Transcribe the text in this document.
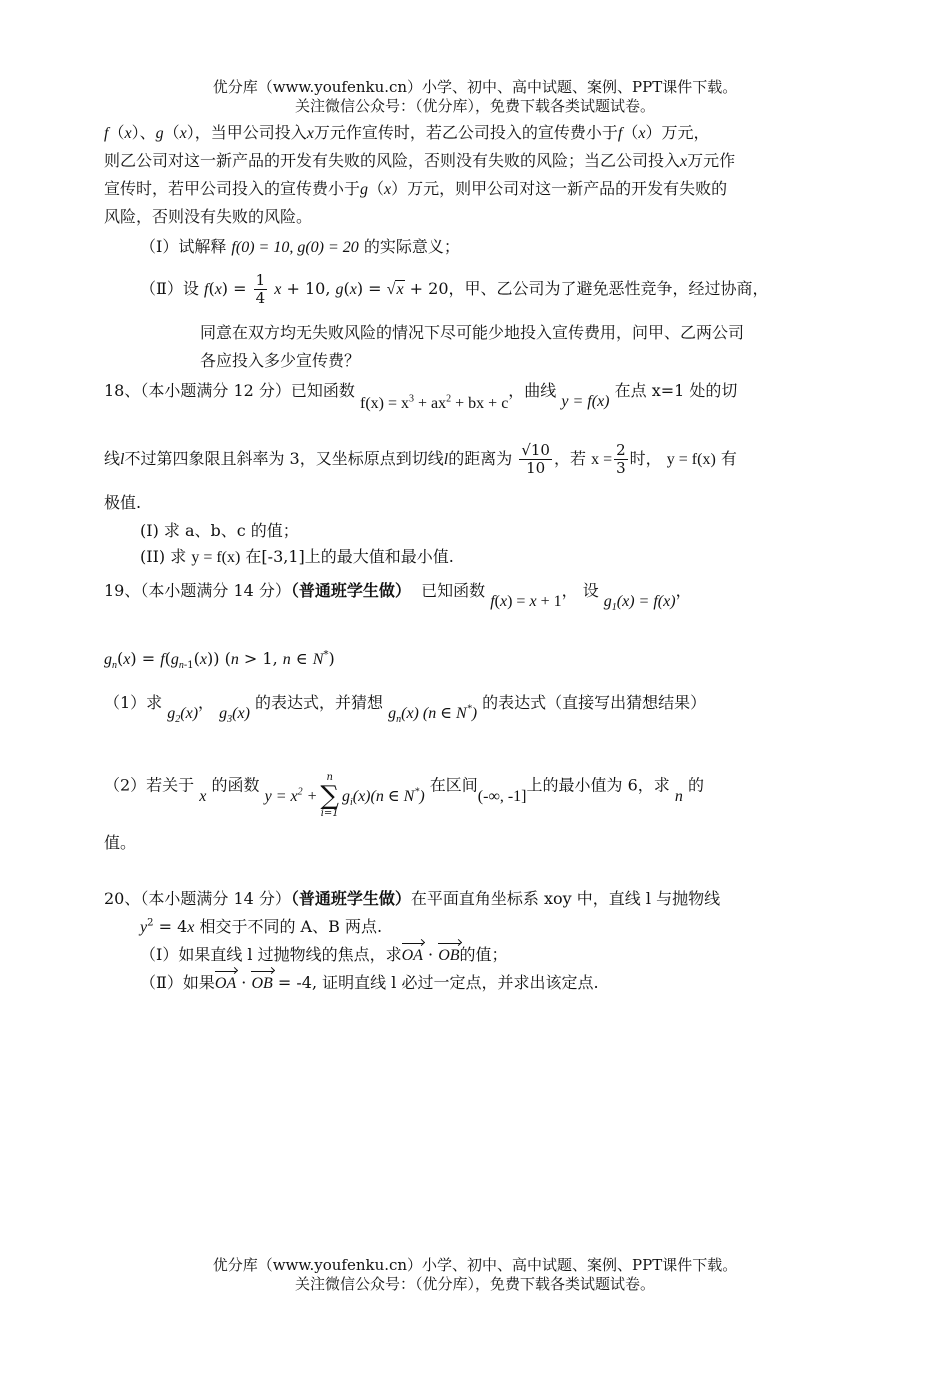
优分库（www.youfenku.cn）小学、初中、高中试题、案例、PPT课件下载。
关注微信公众号：（优分库），免费下载各类试题试卷。
f（x）、g（x），当甲公司投入x万元作宣传时，若乙公司投入的宣传费小于f（x）万元，
则乙公司对这一新产品的开发有失败的风险，否则没有失败的风险；当乙公司投入x万元作
宣传时，若甲公司投入的宣传费小于g（x）万元，则甲公司对这一新产品的开发有失败的
风险，否则没有失败的风险。
（Ⅰ）试解释 f(0) = 10, g(0) = 20 的实际意义；
（Ⅱ）设 $f(x) = \frac{1}{4}$ x + 10, g(x) = √x + 20，甲、乙公司为了避免恶性竞争，经过协商，
同意在双方均无失败风险的情况下尽可能少地投入宣传费用，问甲、乙两公司
各应投入多少宣传费？
18、（本小题满分 12 分）已知函数 $f(x) = x^3 + ax^2$ + bx + c，曲线 y = f(x) 在点 x=1 处的切
线l不过第四象限且斜率为 3，又坐标原点到切线l的距离为 $\frac{√10}{10}$ ，若 $x = \frac{2}{3}$ 时， y = f(x) 有
极值.
(I) 求 a、b、c 的值；
(II) 求 y = f(x) 在[-3,1]上的最大值和最小值.
19、（本小题满分 14 分）（普通班学生做） 已知函数 f(x) = x + 1， 设 $g_1(x) = f(x)$，
$g_n(x) = f(g_{n-1}(x)) (n > 1$, n ∈ N*)
（1）求 $g_2(x)$， $g_3(x)$ 的表达式，并猜想 $g_n(x)$ (n ∈ N*) 的表达式（直接写出猜想结果）
（2）若关于 x 的函数 $y = x^2$ +
n
∑
i=1
$g_i(x)(n$ ∈ N*) 在区间(-∞, -1]上的最小值为 6，求 n 的
值。
20、（本小题满分 14 分）（普通班学生做）在平面直角坐标系 xoy 中，直线 l 与抛物线
$y^2 = 4x$ 相交于不同的 A、B 两点.
（Ⅰ）如果直线 l 过抛物线的焦点，求OA · OB的值；
（Ⅱ）如果OA · OB = -4, 证明直线 l 必过一定点，并求出该定点.
优分库（www.youfenku.cn）小学、初中、高中试题、案例、PPT课件下载。
关注微信公众号：（优分库），免费下载各类试题试卷。
